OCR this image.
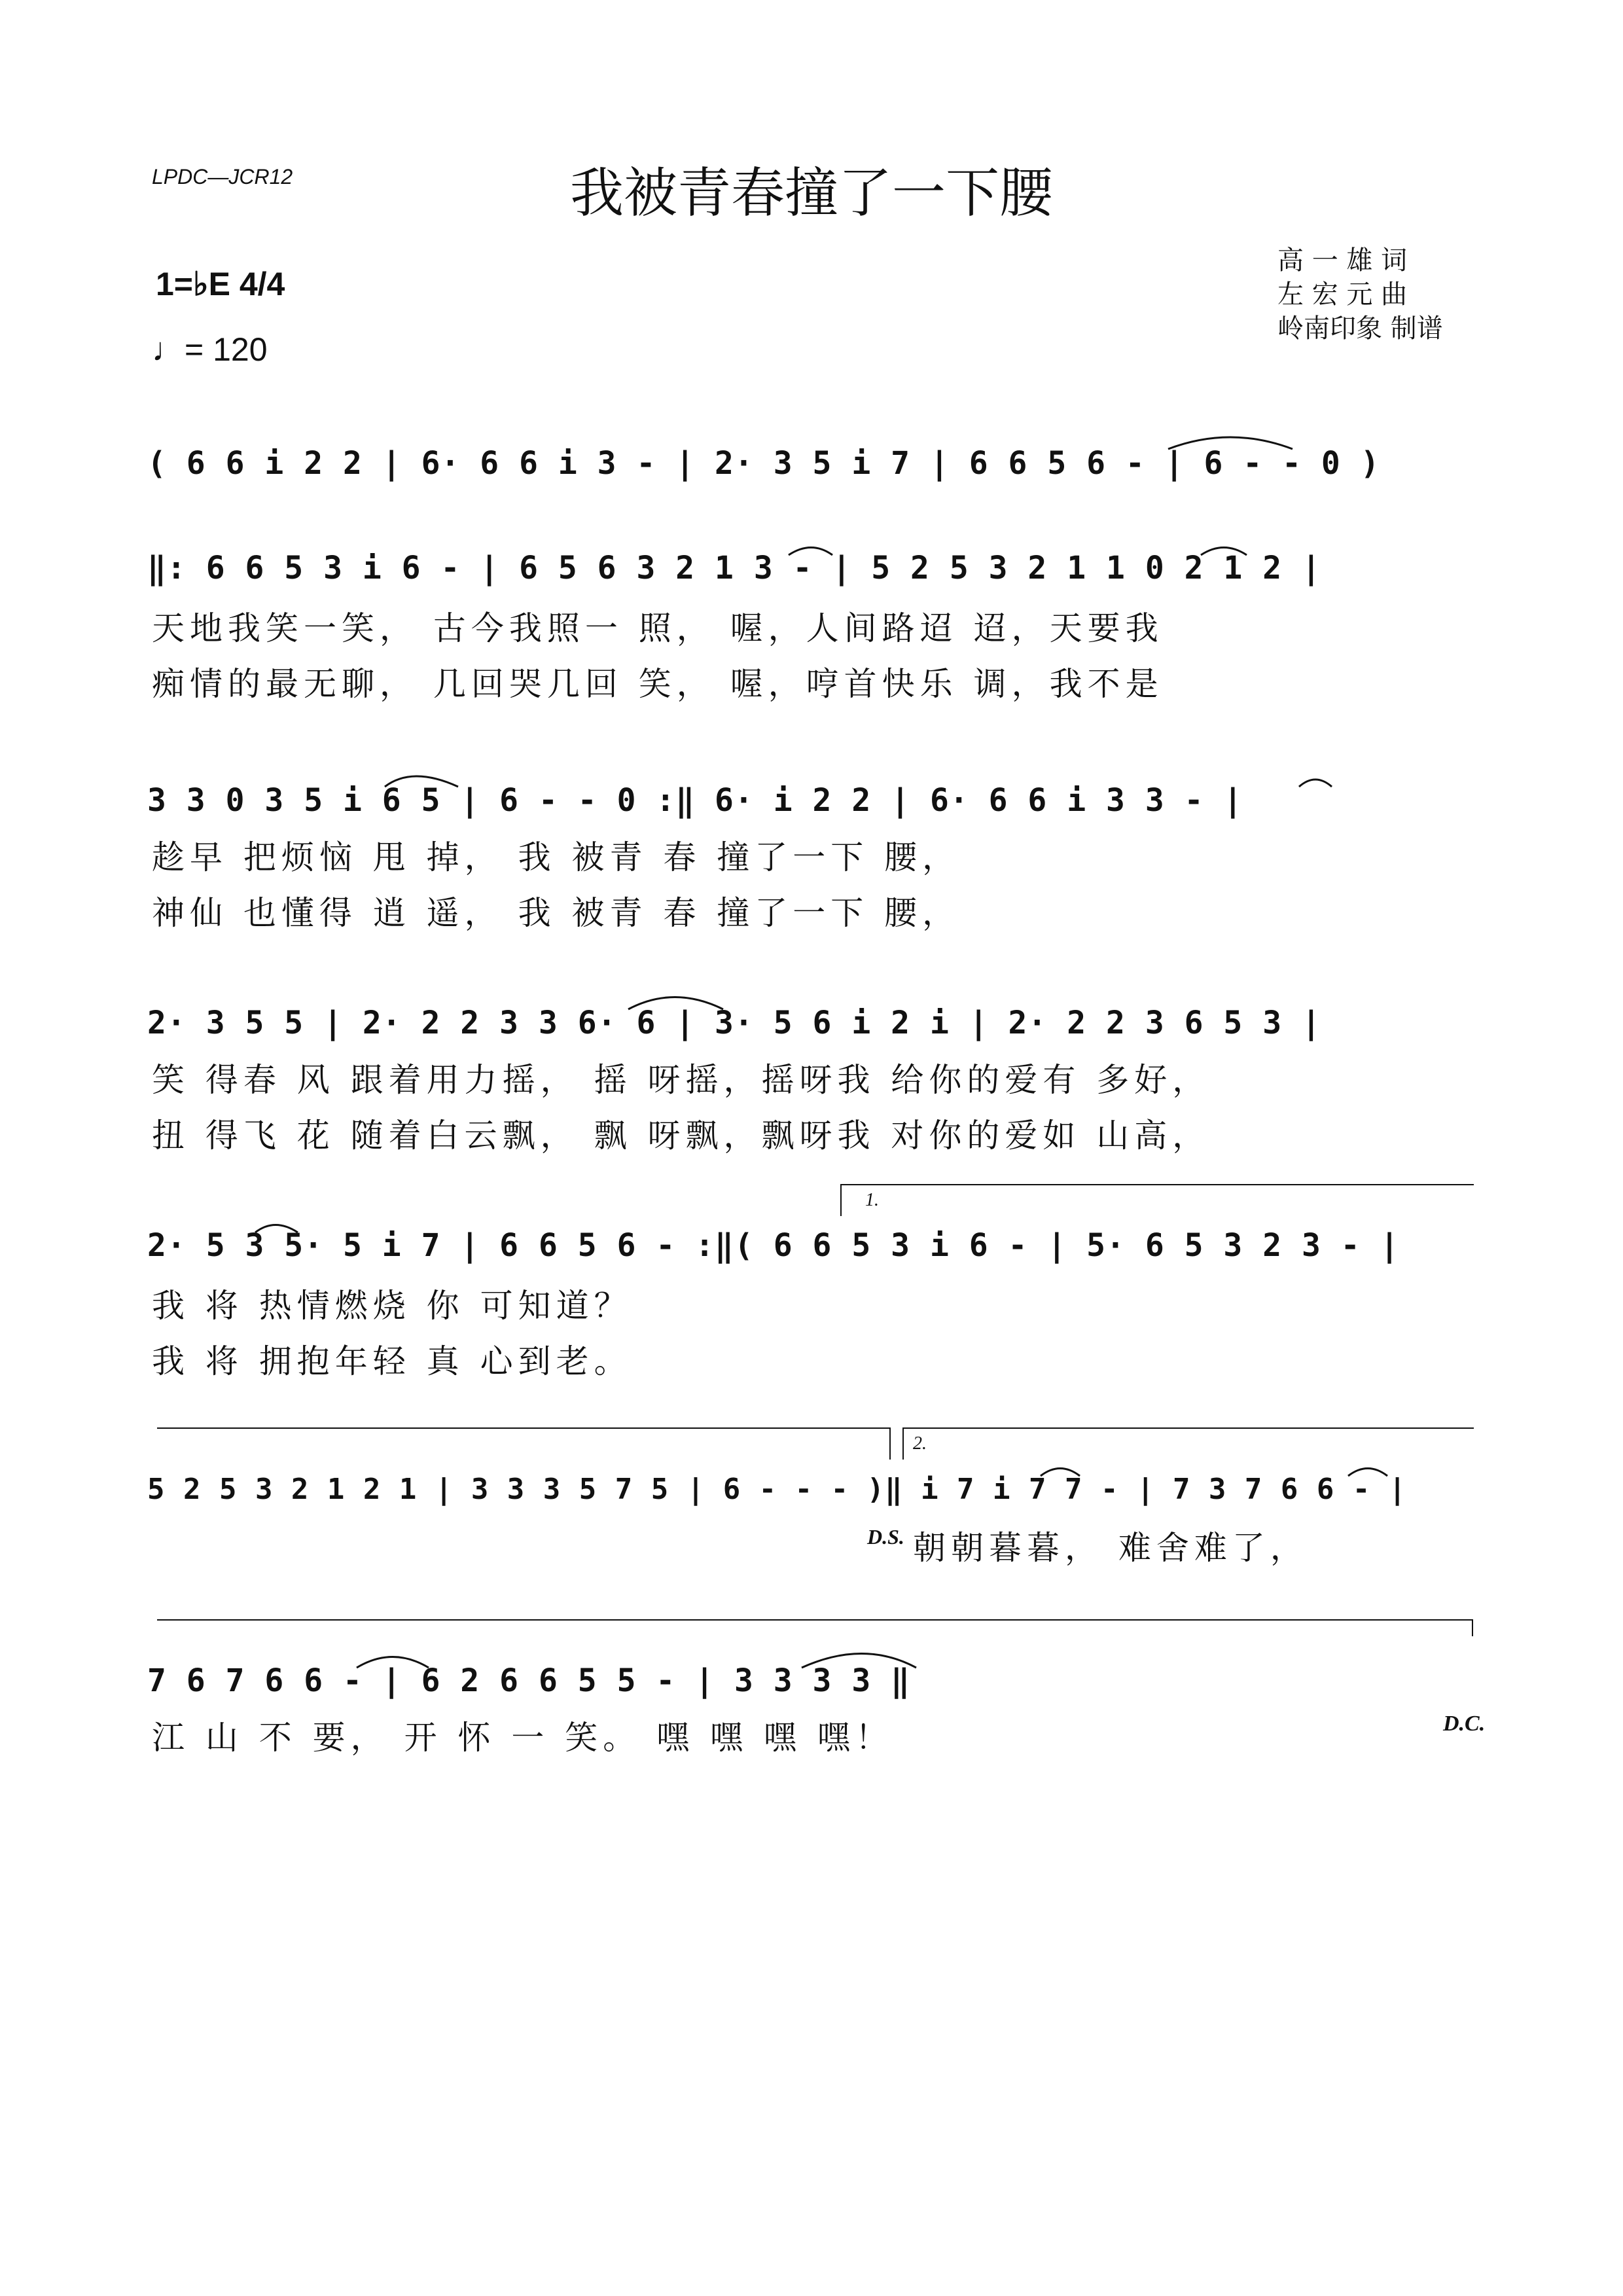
LPDC—JCR12	我被青春撞了一下腰
高 一 雄 词
左 宏 元 曲
岭南印象 制谱
1=♭E 4/4
♩= 120
( 6 6 i 2 2 | 6· 6 6 i 3 - | 2· 3 5 i 7 | 6 6 5 6 - | 6 - - 0 )
‖: 6 6 5 3 i 6 - | 6 5 6 3 2 1 3 - | 5 2 5 3 2 1 1 0 2 1 2 |
天地我笑一笑， 古今我照一 照， 喔，人间路迢 迢，天要我
痴情的最无聊， 几回哭几回 笑， 喔，哼首快乐 调，我不是
3 3 0 3 5 i 6 5 | 6 - - 0 :‖ 6· i 2 2 | 6· 6 6 i 3 3 - |
趁早 把烦恼 甩 掉， 我 被青 春 撞了一下 腰，
神仙 也懂得 逍 遥， 我 被青 春 撞了一下 腰，
2· 3 5 5 | 2· 2 2 3 3 6· 6 | 3· 5 6 i 2 i | 2· 2 2 3 6 5 3 |
笑 得春 风 跟着用力摇， 摇 呀摇，摇呀我 给你的爱有 多好，
扭 得飞 花 随着白云飘， 飘 呀飘，飘呀我 对你的爱如 山高，
2· 5 3 5· 5 i 7 | 6 6 5 6 - :‖( 6 6 5 3 i 6 - | 5· 6 5 3 2 3 - |
我 将 热情燃烧 你 可知道？
我 将 拥抱年轻 真 心到老。
5 2 5 3 2 1 2 1 | 3 3 3 5 7 5 | 6 - - - )‖ i 7 i 7 7 - | 7 3 7 6 6 - |
朝朝暮暮， 难舍难了，
7 6 7 6 6 - | 6 2 6 6 5 5 - | 3 3 3 3 ‖
江 山 不 要， 开 怀 一 笑。 嘿 嘿 嘿 嘿！
1.
2.
D.S.
D.C.
